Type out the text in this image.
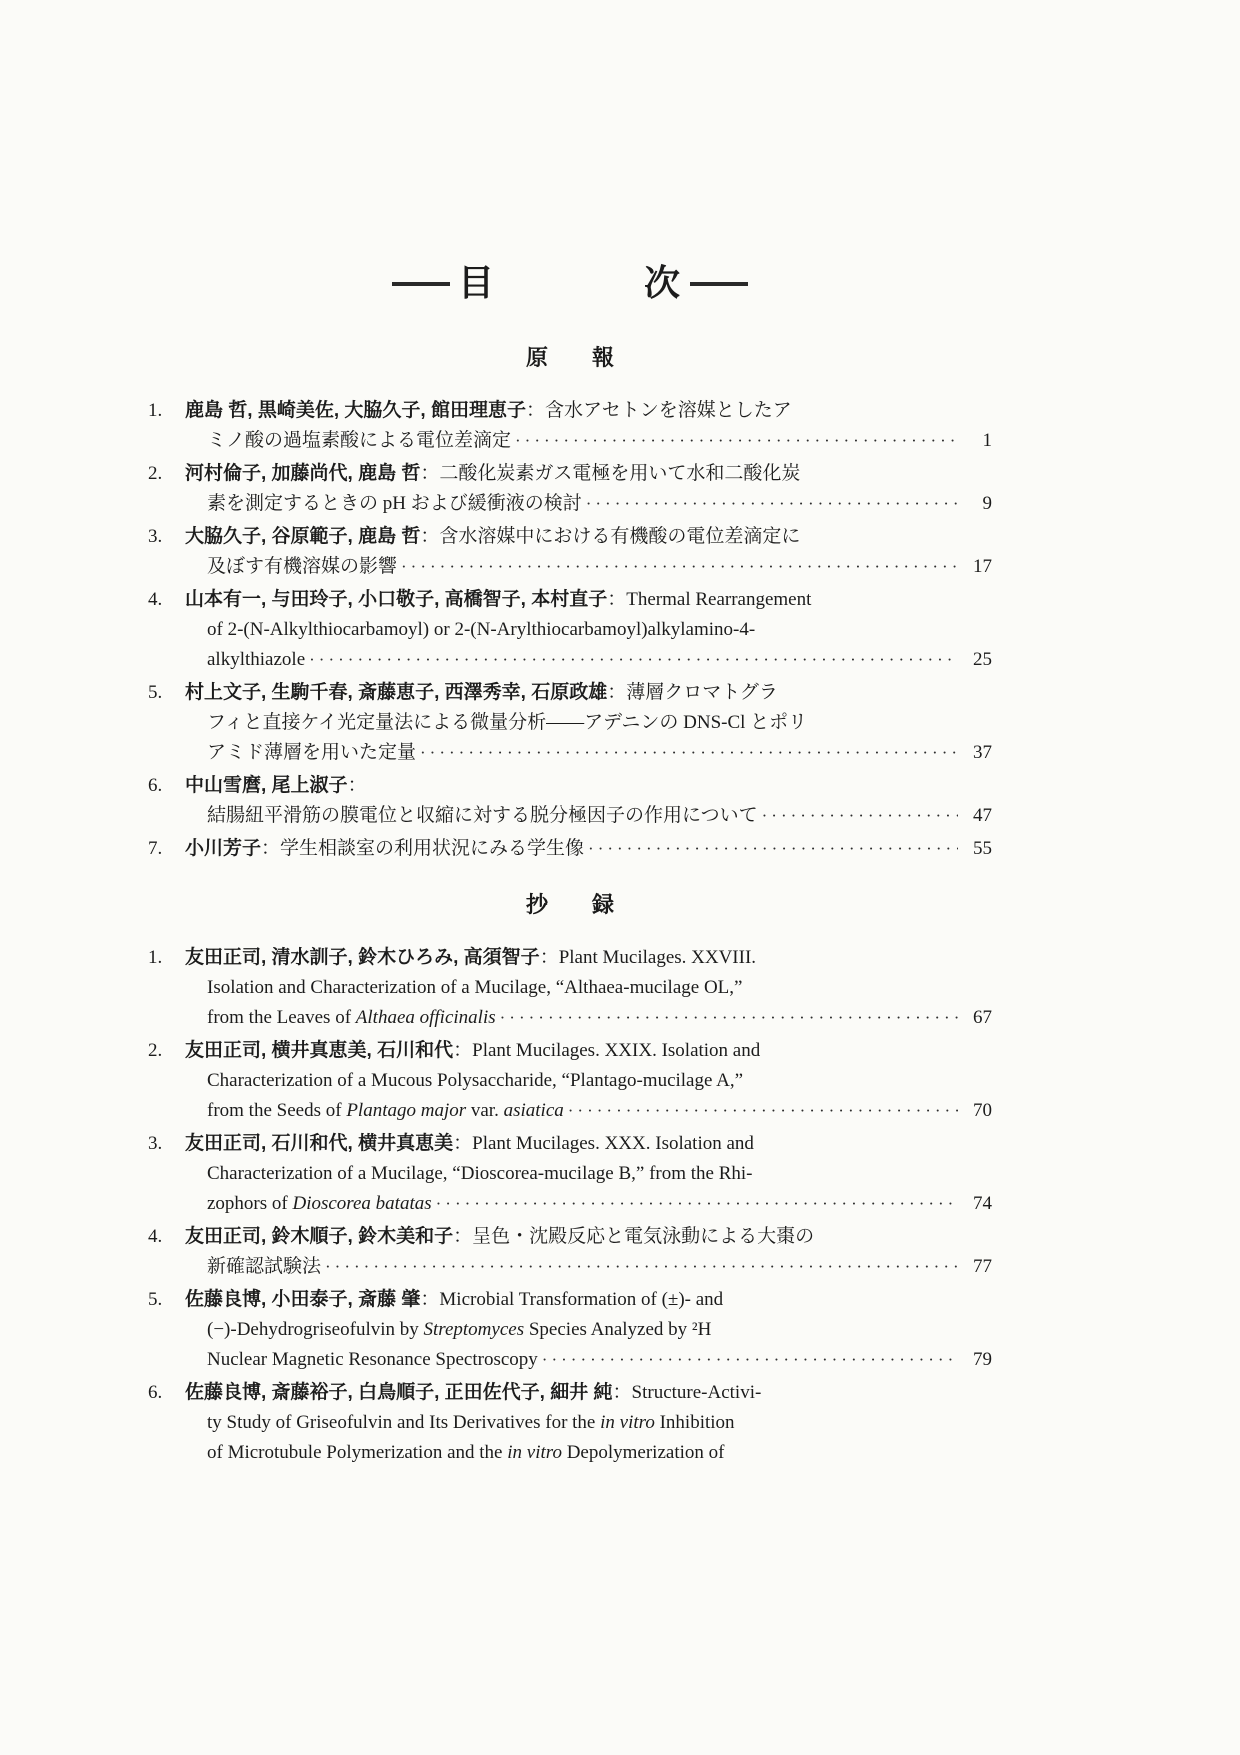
目	次
原 報
1.	鹿島 哲, 黒崎美佐, 大脇久子, 館田理恵子：含水アセトンを溶媒としたア
ミノ酸の過塩素酸による電位差滴定 ·····	1
2.	河村倫子, 加藤尚代, 鹿島 哲：二酸化炭素ガス電極を用いて水和二酸化炭
素を測定するときの pH および緩衝液の検討 ·····	9
3.	大脇久子, 谷原範子, 鹿島 哲：含水溶媒中における有機酸の電位差滴定に
及ぼす有機溶媒の影響 ·····	17
4.	山本有一, 与田玲子, 小口敬子, 高橋智子, 本村直子：Thermal Rearrangement
of 2-(N-Alkylthiocarbamoyl) or 2-(N-Arylthiocarbamoyl)alkylamino-4-
alkylthiazole ·····	25
5.	村上文子, 生駒千春, 斎藤恵子, 西澤秀幸, 石原政雄：薄層クロマトグラ
フィと直接ケイ光定量法による微量分析——アデニンの DNS-Cl とポリ
アミド薄層を用いた定量 ·····	37
6.	中山雪麿, 尾上淑子：
結腸紐平滑筋の膜電位と収縮に対する脱分極因子の作用について ·····	47
7.	小川芳子：学生相談室の利用状況にみる学生像 ·····	55
抄 録
1.	友田正司, 清水訓子, 鈴木ひろみ, 高須智子：Plant Mucilages. XXVIII.
Isolation and Characterization of a Mucilage, “Althaea-mucilage OL,”
from the Leaves of Althaea officinalis ·····	67
2.	友田正司, 横井真恵美, 石川和代：Plant Mucilages. XXIX. Isolation and
Characterization of a Mucous Polysaccharide, “Plantago-mucilage A,”
from the Seeds of Plantago major var. asiatica ·····	70
3.	友田正司, 石川和代, 横井真恵美：Plant Mucilages. XXX. Isolation and
Characterization of a Mucilage, “Dioscorea-mucilage B,” from the Rhi-
zophors of Dioscorea batatas ·····	74
4.	友田正司, 鈴木順子, 鈴木美和子：呈色・沈殿反応と電気泳動による大棗の
新確認試験法 ·····	77
5.	佐藤良博, 小田泰子, 斎藤 肇：Microbial Transformation of (±)- and
(−)-Dehydrogriseofulvin by Streptomyces Species Analyzed by ²H
Nuclear Magnetic Resonance Spectroscopy ·····	79
6.	佐藤良博, 斎藤裕子, 白鳥順子, 正田佐代子, 細井 純：Structure-Activi-
ty Study of Griseofulvin and Its Derivatives for the in vitro Inhibition
of Microtubule Polymerization and the in vitro Depolymerization of
